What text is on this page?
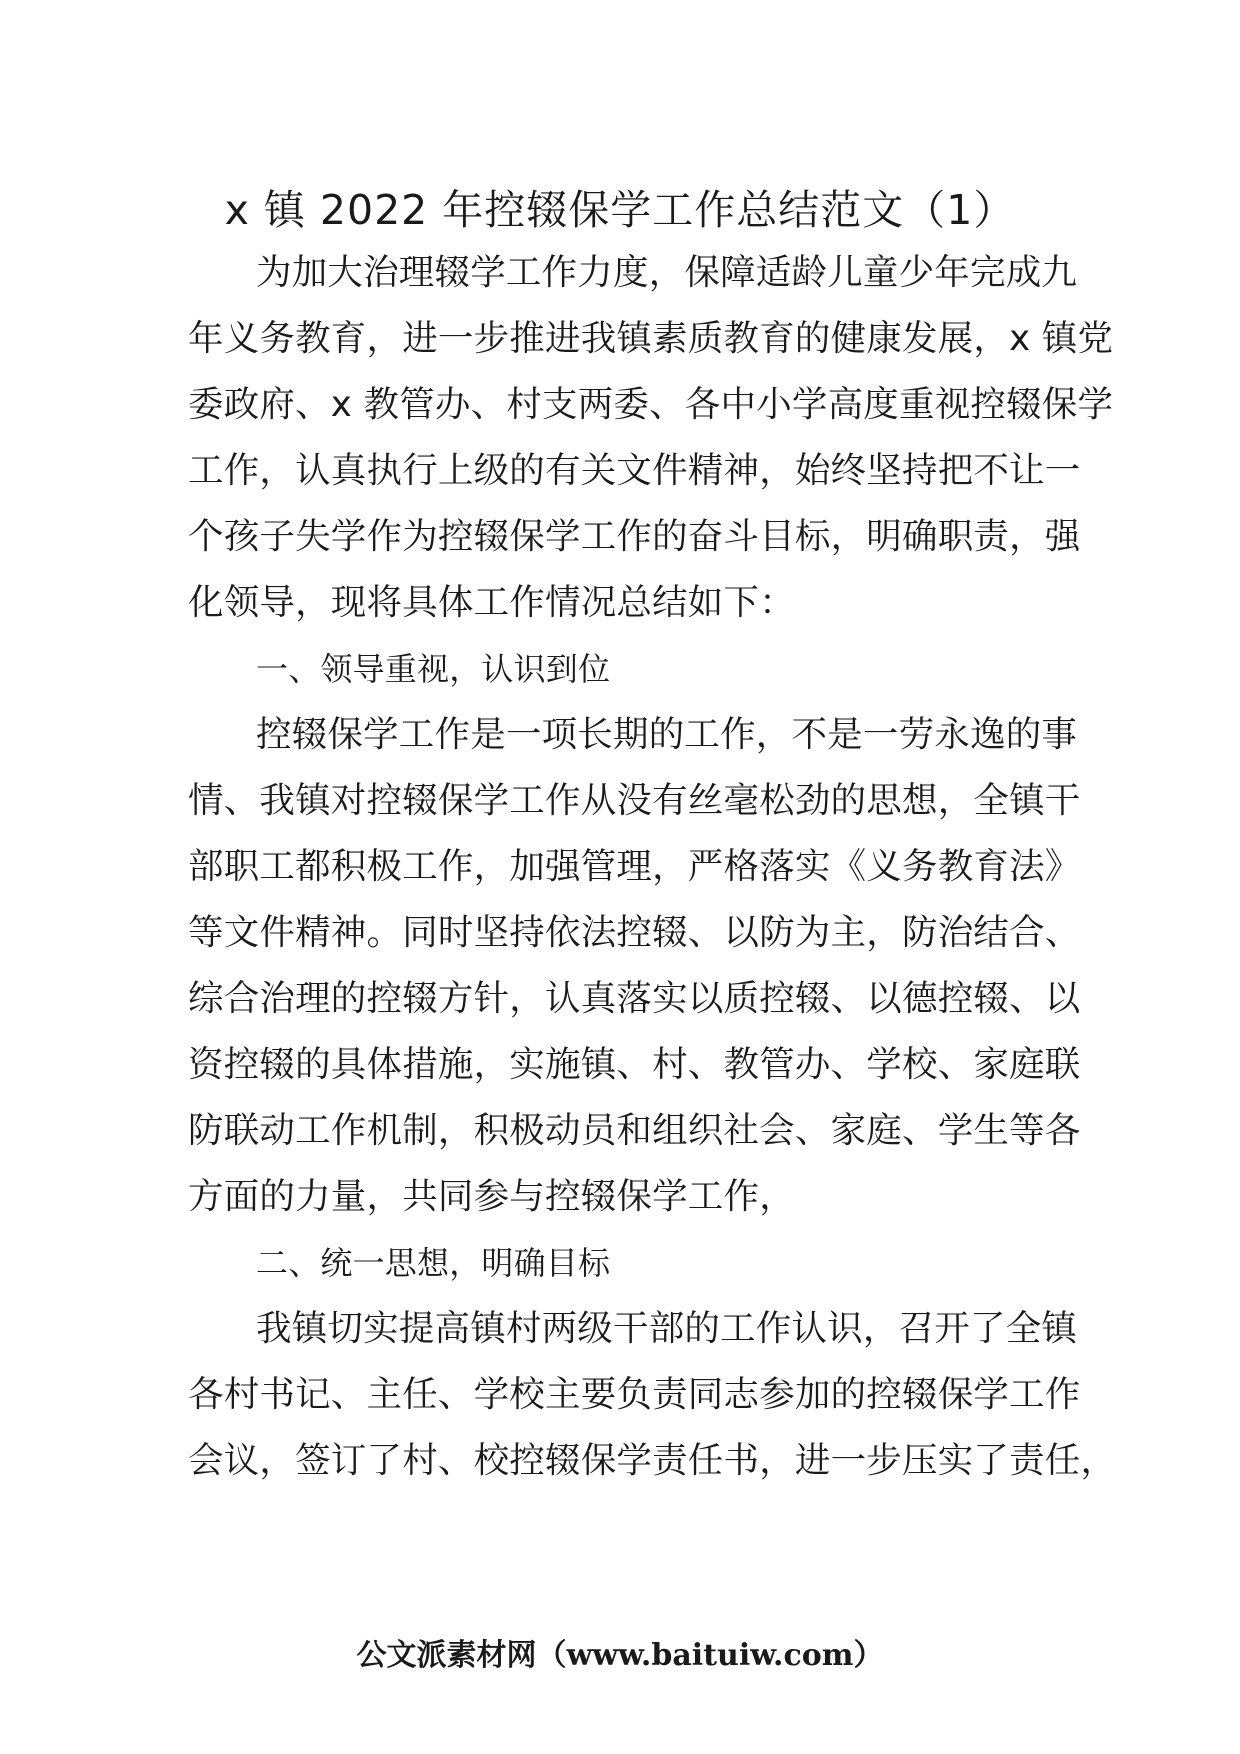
x 镇 2022 年控辍保学工作总结范文（1）
为加大治理辍学工作力度，保障适龄儿童少年完成九
年义务教育，进一步推进我镇素质教育的健康发展，x 镇党
委政府、x 教管办、村支两委、各中小学高度重视控辍保学
工作，认真执行上级的有关文件精神，始终坚持把不让一
个孩子失学作为控辍保学工作的奋斗目标，明确职责，强
化领导，现将具体工作情况总结如下：
一、领导重视，认识到位
控辍保学工作是一项长期的工作，不是一劳永逸的事
情、我镇对控辍保学工作从没有丝毫松劲的思想，全镇干
部职工都积极工作，加强管理，严格落实《义务教育法》
等文件精神。同时坚持依法控辍、以防为主，防治结合、
综合治理的控辍方针，认真落实以质控辍、以德控辍、以
资控辍的具体措施，实施镇、村、教管办、学校、家庭联
防联动工作机制，积极动员和组织社会、家庭、学生等各
方面的力量，共同参与控辍保学工作，
二、统一思想，明确目标
我镇切实提高镇村两级干部的工作认识，召开了全镇
各村书记、主任、学校主要负责同志参加的控辍保学工作
会议，签订了村、校控辍保学责任书，进一步压实了责任，
公文派素材网（www.baituiw.com）
